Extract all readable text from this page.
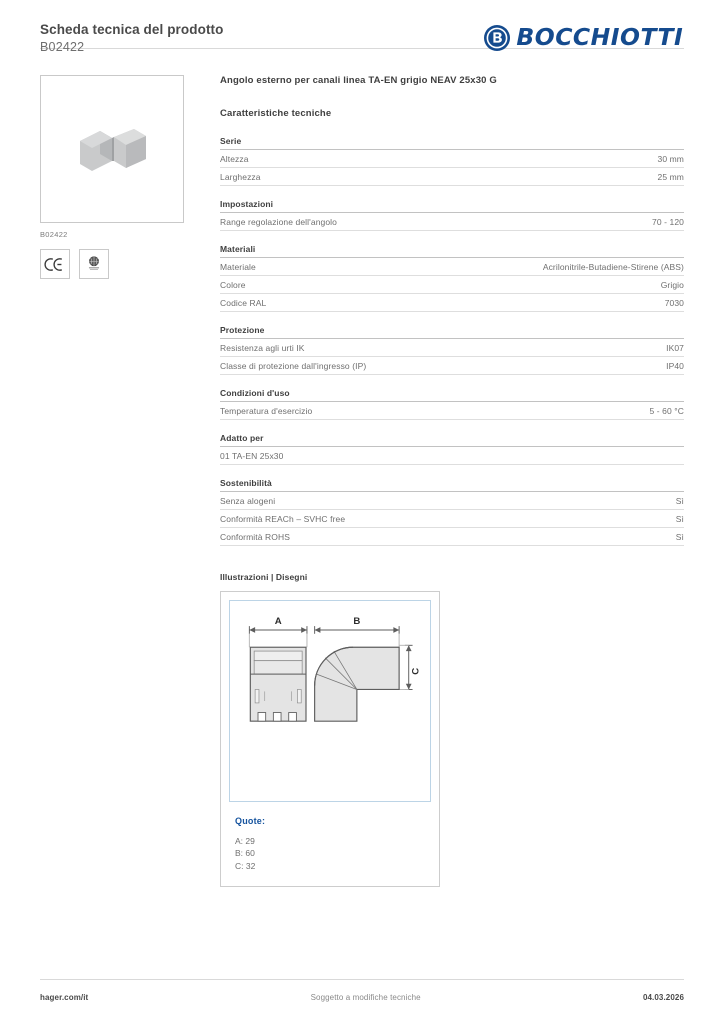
Scheda tecnica del prodotto
B02422	BOCCHIOTTI
B02422
Angolo esterno per canali linea TA-EN grigio NEAV 25x30 G
Caratteristiche tecniche
Serie
Altezza	30 mm
Larghezza	25 mm
Impostazioni
Range regolazione dell'angolo	70 - 120
Materiali
Materiale	Acrilonitrile-Butadiene-Stirene (ABS)
Colore	Grigio
Codice RAL	7030
Protezione
Resistenza agli urti IK	IK07
Classe di protezione dall'ingresso (IP)	IP40
Condizioni d'uso
Temperatura d'esercizio	5 - 60 °C
Adatto per
01 TA-EN 25x30
Sostenibilità
Senza alogeni	Sì
Conformità REACh – SVHC free	Sì
Conformità ROHS	Sì
Illustrazioni | Disegni
A	B
C
Quote:
A: 29
B: 60
C: 32
hager.com/it	Soggetto a modifiche tecniche	04.03.2026
